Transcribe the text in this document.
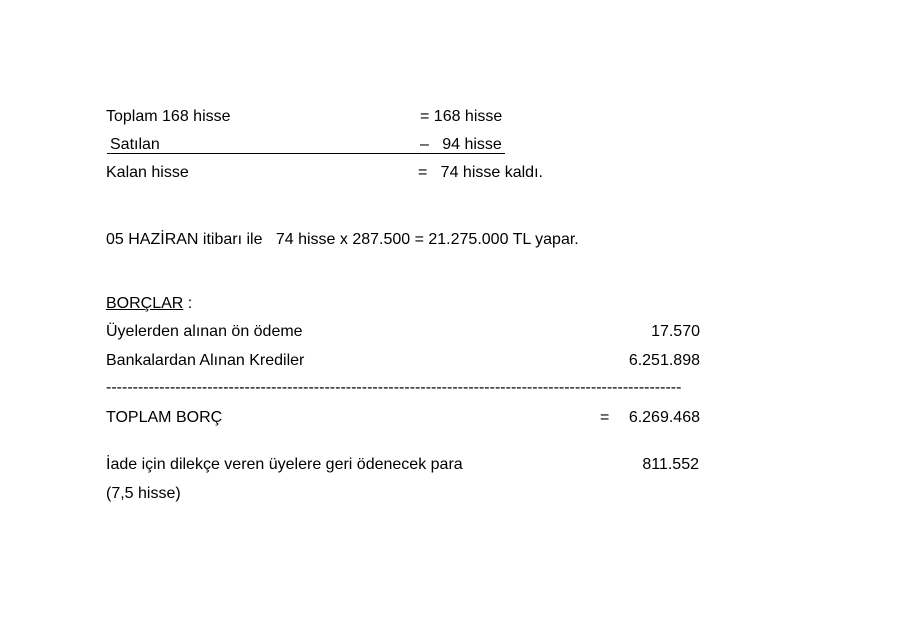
Toplam 168 hisse	= 168 hisse
Satılan	–   94 hisse
Kalan hisse	=   74 hisse kaldı.
05 HAZİRAN itibarı ile   74 hisse x 287.500 = 21.275.000 TL yapar.
BORÇLAR :
Üyelerden alınan ön ödeme	17.570
Bankalardan Alınan Krediler	6.251.898
------------------------------------------------------------------------------------------------------------
TOPLAM BORÇ	=	6.269.468
İade için dilekçe veren üyelere geri ödenecek para	811.552
(7,5 hisse)
